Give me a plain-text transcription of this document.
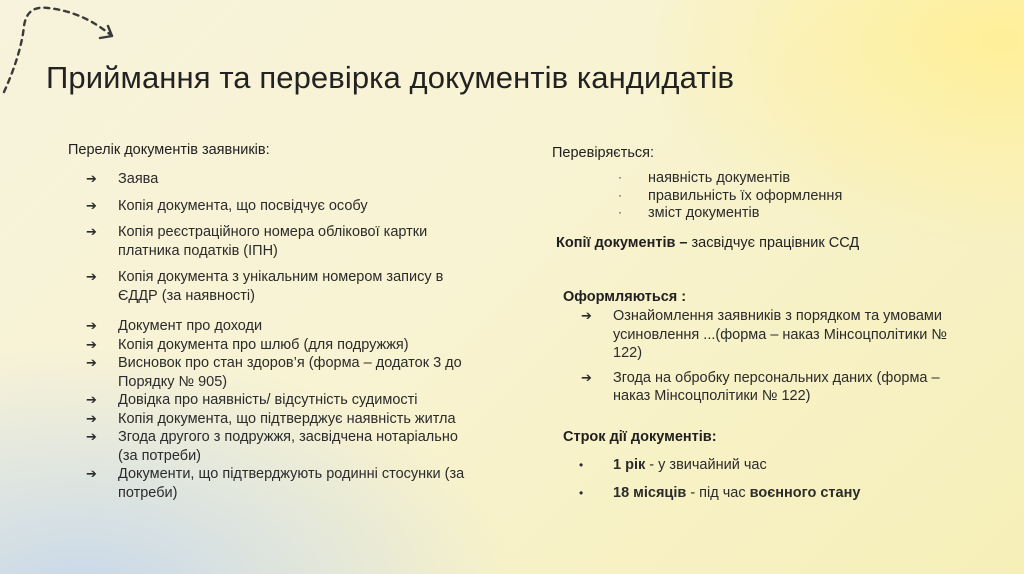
Приймання та перевірка документів кандидатів

Перелік документів заявників:

➔ Заява
➔ Копія документа, що посвідчує особу
➔ Копія реєстраційного номера облікової картки платника податків (ІПН)
➔ Копія документа з унікальним номером запису в ЄДДР (за наявності)
➔ Документ про доходи
➔ Копія документа про шлюб (для подружжя)
➔ Висновок про стан здоров’я (форма – додаток 3 до Порядку № 905)
➔ Довідка про наявність/ відсутність судимості
➔ Копія документа, що підтверджує наявність житла
➔ Згода другого з подружжя, засвідчена нотаріально (за потреби)
➔ Документи, що підтверджують родинні стосунки (за потреби)

Перевіряється:

· наявність документів
· правильність їх оформлення
· зміст документів

Копії документів – засвідчує працівник ССД

Оформляються :

➔ Ознайомлення заявників з порядком та умовами усиновлення ...(форма – наказ Мінсоцполітики № 122)
➔ Згода на обробку персональних даних (форма – наказ Мінсоцполітики № 122)

Строк дії документів:

• 1 рік - у звичайний час
• 18 місяців - під час воєнного стану
